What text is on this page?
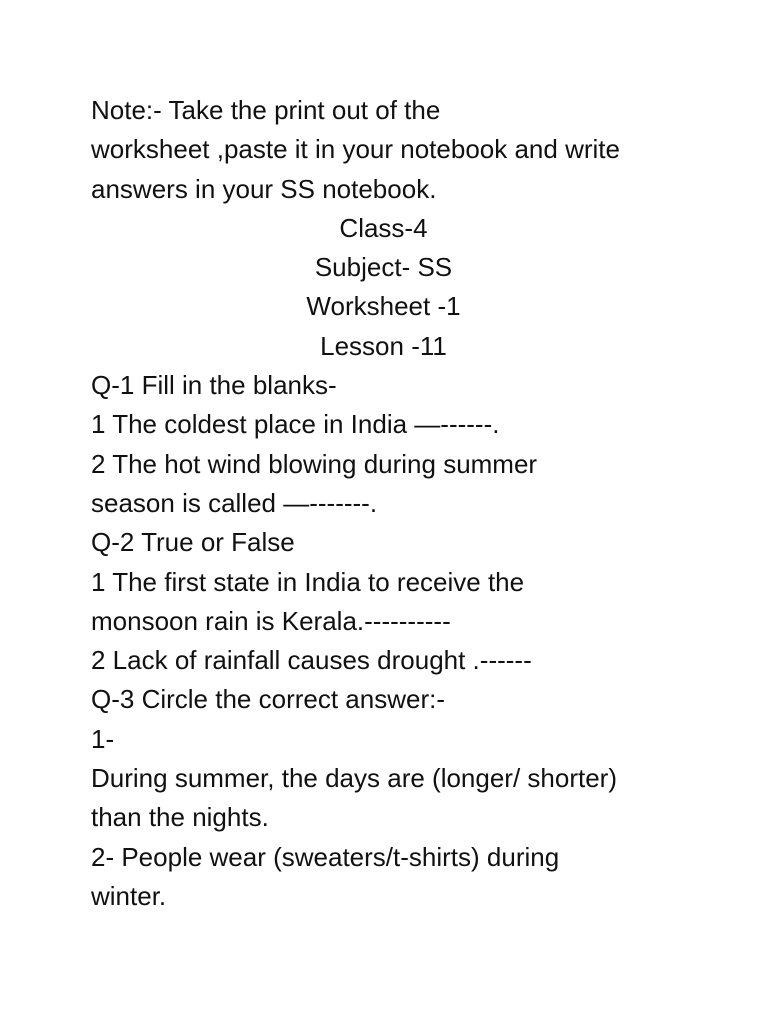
Note:- Take the print out of the
worksheet ,paste it in your notebook and write
answers in your SS notebook.
Class-4
Subject- SS
Worksheet -1
Lesson -11
Q-1 Fill in the blanks-
1 The coldest place in India —------.
2 The hot wind blowing during summer
season is called —-------.
Q-2 True or False
1 The first state in India to receive the
monsoon rain is Kerala.----------
2 Lack of rainfall causes drought .------
Q-3 Circle the correct answer:-
1-
During summer, the days are (longer/ shorter)
than the nights.
2- People wear (sweaters/t-shirts) during
winter.
